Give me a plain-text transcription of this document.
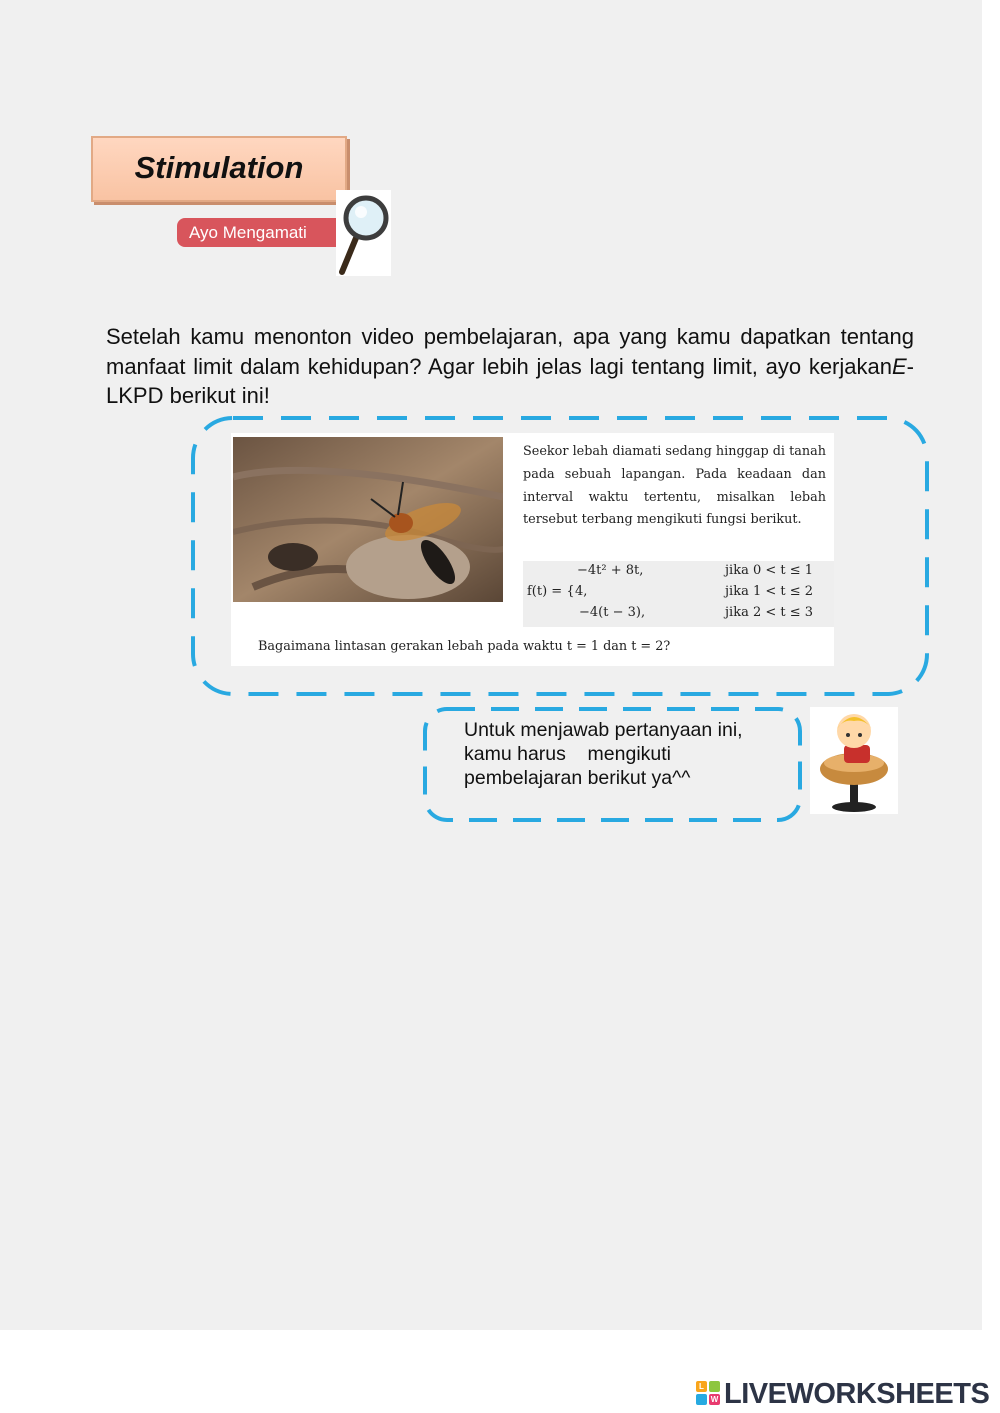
Stimulation
Ayo Mengamati
Setelah kamu menonton video pembelajaran, apa yang kamu dapatkan tentang manfaat limit dalam kehidupan? Agar lebih jelas lagi tentang limit, ayo kerjakanE-LKPD berikut ini!
Seekor lebah diamati sedang hinggap di tanah pada sebuah lapangan. Pada keadaan dan interval waktu tertentu, misalkan lebah tersebut terbang mengikuti fungsi berikut.
f(t) = {
−4t² + 8t,
4,
−4(t − 3),
jika 0 < t ≤ 1
jika 1 < t ≤ 2
jika 2 < t ≤ 3
Bagaimana lintasan gerakan lebah pada waktu t = 1 dan t = 2?
Untuk menjawab pertanyaan ini,
kamu harus    mengikuti
pembelajaran berikut ya^^
L
W LIVEWORKSHEETS
